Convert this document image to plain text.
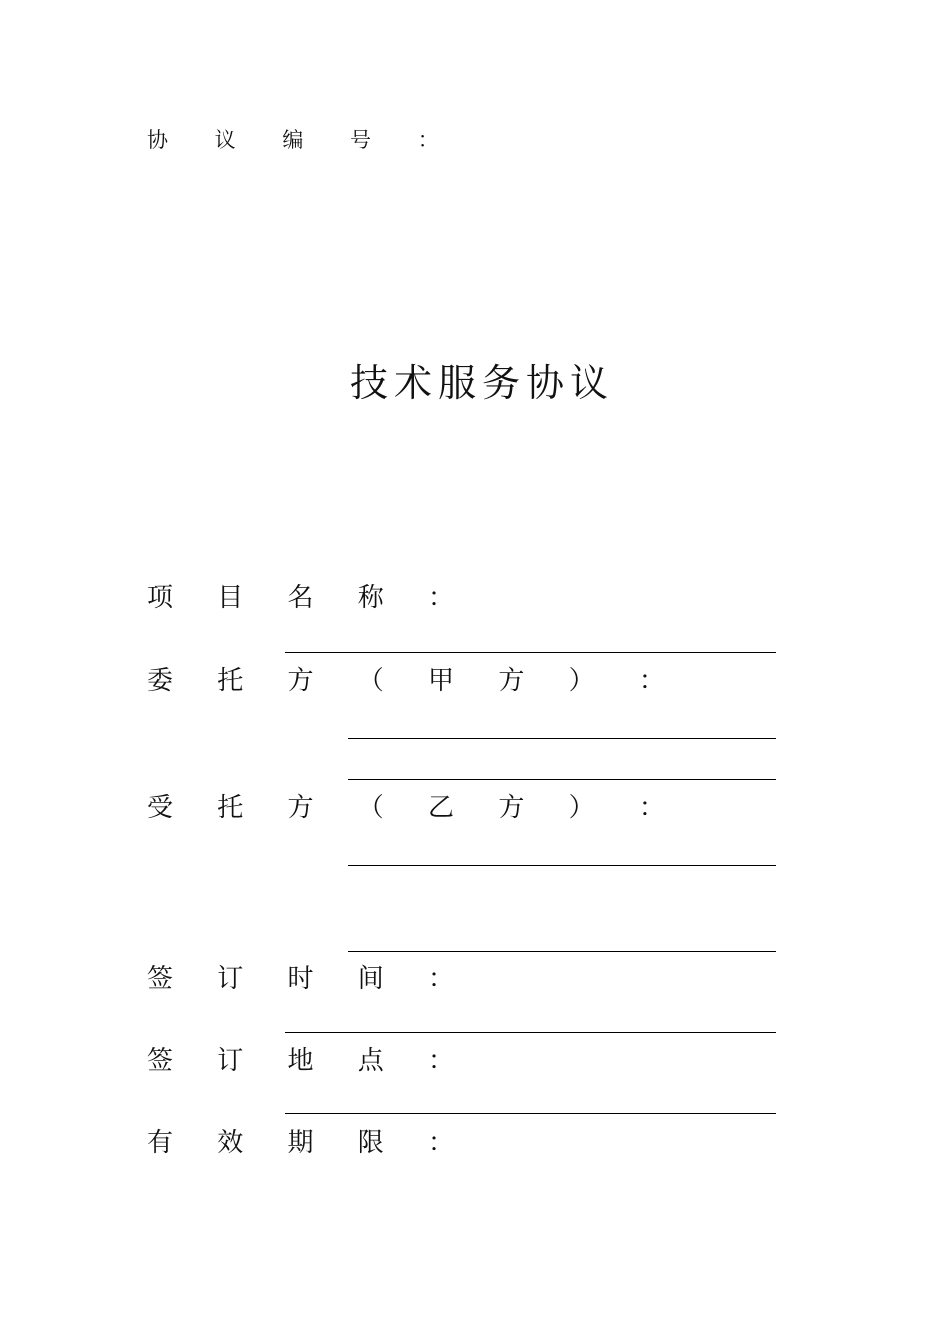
协 议 编 号 ：
技术服务协议
项 目 名 称 ：
委 托 方 （ 甲 方 ） ：
受 托 方 （ 乙 方 ） ：
签 订 时 间 ：
签 订 地 点 ：
有 效 期 限 ：
